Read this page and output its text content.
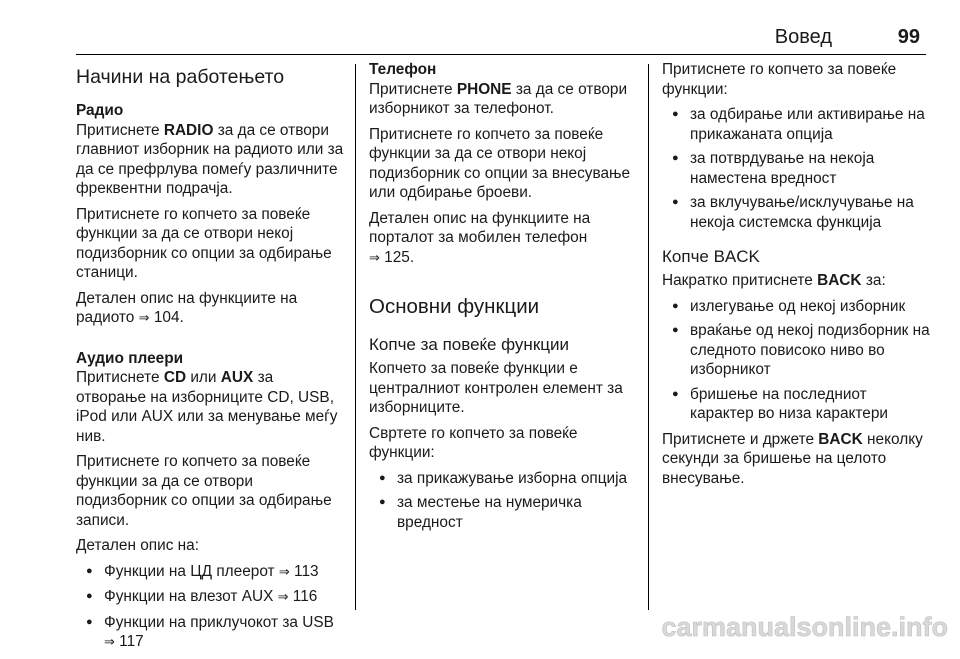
Вовед	99
Начини на работењето
Радио

Притиснете RADIO за да се отвори главниот изборник на радиото или за да се префрлува помеѓу различните фреквентни подрачја.

Притиснете го копчето за повеќе функции за да се отвори некој подизборник со опции за одбирање станици.

Детален опис на функциите на радиото ⇒ 104.

Аудио плеери

Притиснете CD или AUX за отворање на изборниците CD, USB, iPod или AUX или за менување меѓу нив.

Притиснете го копчето за повеќе функции за да се отвори подизборник со опции за одбирање записи.

Детален опис на:

● Функции на ЦД плеерот ⇒ 113
● Функции на влезот AUX ⇒ 116
● Функции на приклучокот за USB ⇒ 117
Телефон

Притиснете PHONE за да се отвори изборникот за телефонот.

Притиснете го копчето за повеќе функции за да се отвори некој подизборник со опции за внесување или одбирање броеви.

Детален опис на функциите на порталот за мобилен телефон
⇒ 125.

Основни функции
Копче за повеќе функции

Копчето за повеќе функции е централниот контролен елемент за изборниците.

Свртете го копчето за повеќе функции:

● за прикажување изборна опција
● за местење на нумеричка вредност

Притиснете го копчето за повеќе функции:

● за одбирање или активирање на прикажаната опција
● за потврдување на некоја наместена вредност
● за вклучување/исклучување на некоја системска функција
Копче BACK

Накратко притиснете BACK за:

● излегување од некој изборник
● враќање од некој подизборник на следното повисоко ниво во изборникот
● бришење на последниот карактер во низа карактери

Притиснете и држете BACK неколку секунди за бришење на целото внесување.

carmanualsonline.info
